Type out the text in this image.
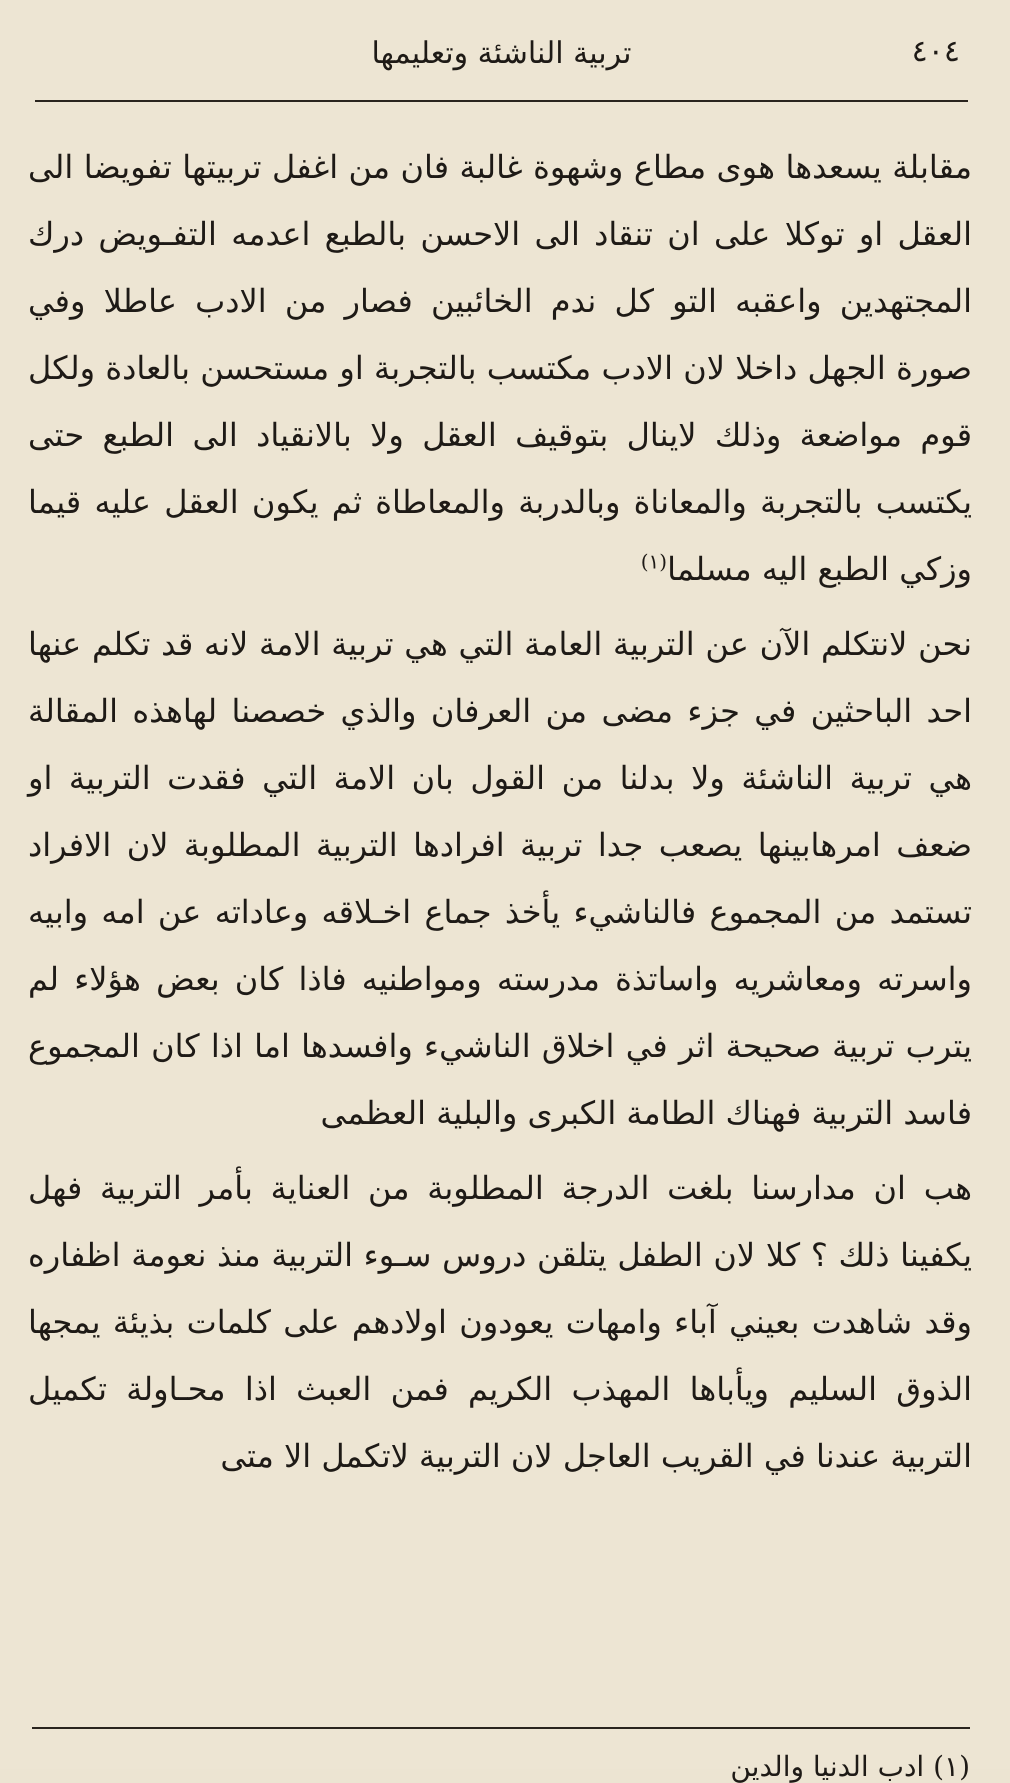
تربية الناشئة وتعليمها	٤٠٤

مقابلة يسعدها هوى مطاع وشهوة غالبة فان من اغفل تربيتها تفويضا الى العقل او توكلا على ان تنقاد الى الاحسن بالطبع اعدمه التفـويض درك المجتهدين واعقبه التو كل ندم الخائبين فصار من الادب عاطلا وفي صورة الجهل داخلا لان الادب مكتسب بالتجربة او مستحسن بالعادة ولكل قوم مواضعة وذلك لاينال بتوقيف العقل ولا بالانقياد الى الطبع حتى يكتسب بالتجربة والمعاناة وبالدربة والمعاطاة ثم يكون العقل عليه قيما وزكي الطبع اليه مسلما$^{(١)}$

نحن لانتكلم الآن عن التربية العامة التي هي تربية الامة لانه قد تكلم عنها احد الباحثين في جزء مضى من العرفان والذي خصصنا لهاهذه المقالة هي تربية الناشئة ولا بدلنا من القول بان الامة التي فقدت التربية او ضعف امرهابينها يصعب جدا تربية افرادها التربية المطلوبة لان الافراد تستمد من المجموع فالناشيء يأخذ جماع اخـلاقه وعاداته عن امه وابيه واسرته ومعاشريه واساتذة مدرسته ومواطنيه فاذا كان بعض هؤلاء لم يترب تربية صحيحة اثر في اخلاق الناشيء وافسدها اما اذا كان المجموع فاسد التربية فهناك الطامة الكبرى والبلية العظمى

هب ان مدارسنا بلغت الدرجة المطلوبة من العناية بأمر التربية فهل يكفينا ذلك ؟ كلا لان الطفل يتلقن دروس سـوء التربية منذ نعومة اظفاره وقد شاهدت بعيني آباء وامهات يعودون اولادهم على كلمات بذيئة يمجها الذوق السليم ويأباها المهذب الكريم فمن العبث اذا محـاولة تكميل التربية عندنا في القريب العاجل لان التربية لاتكمل الا متى

(١) ادب الدنيا والدين
